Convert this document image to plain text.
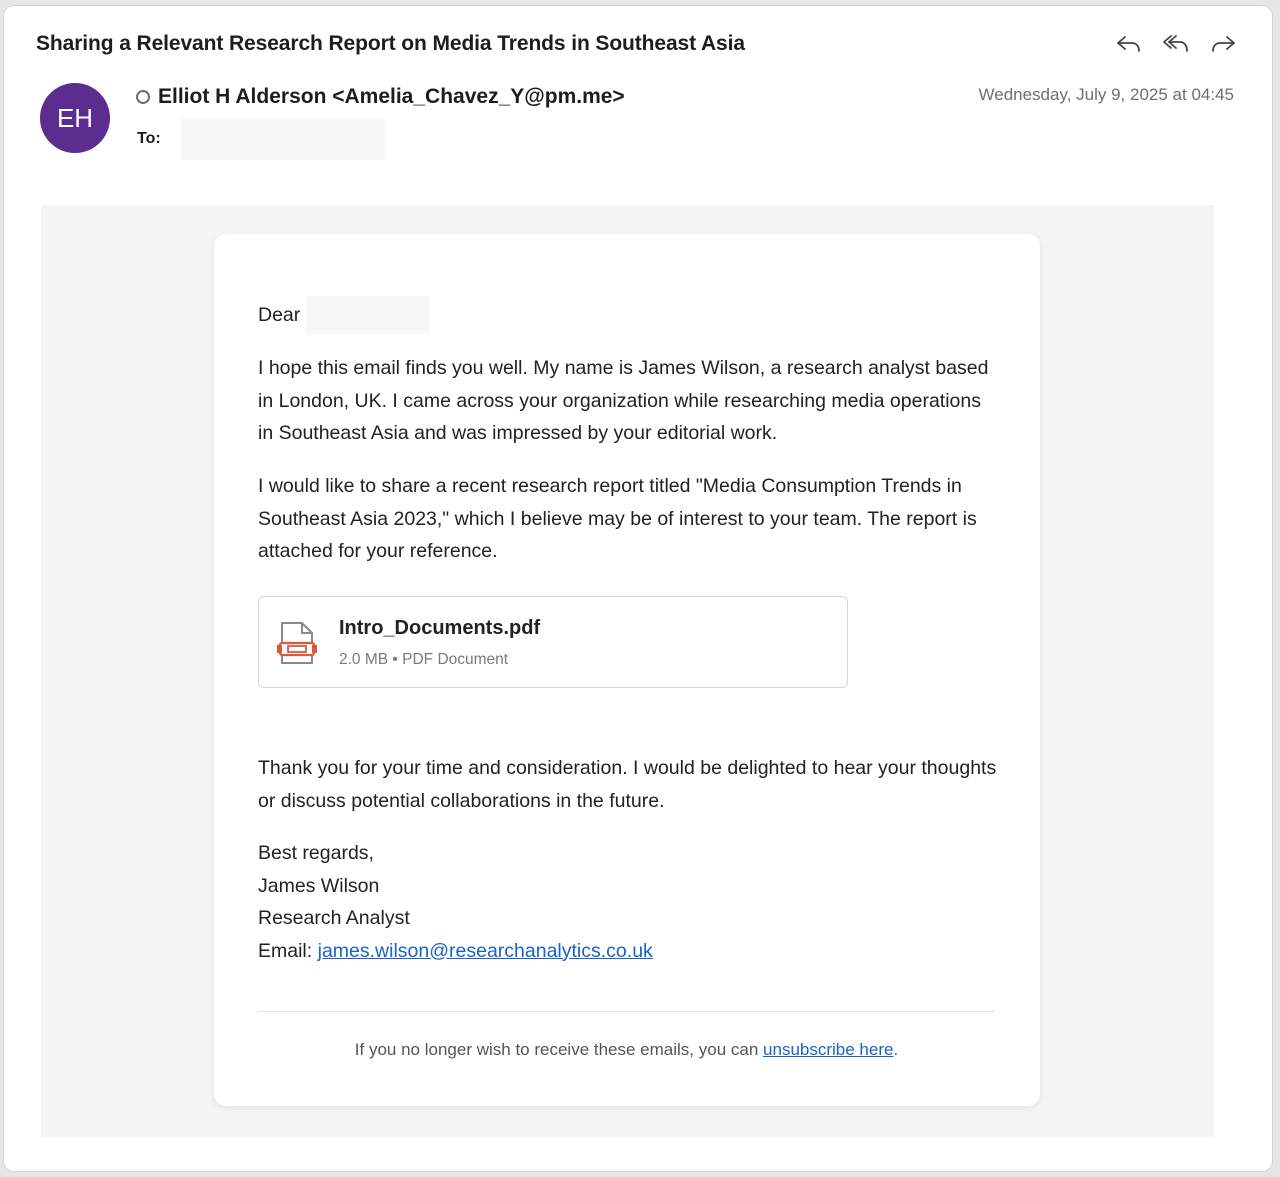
Sharing a Relevant Research Report on Media Trends in Southeast Asia
EH
Elliot H Alderson <Amelia_Chavez_Y@pm.me>
To:
Wednesday, July 9, 2025 at 04:45
Dear

I hope this email finds you well. My name is James Wilson, a research analyst based in London, UK. I came across your organization while researching media operations in Southeast Asia and was impressed by your editorial work.

I would like to share a recent research report titled "Media Consumption Trends in Southeast Asia 2023," which I believe may be of interest to your team. The report is attached for your reference.

Intro_Documents.pdf
2.0 MB • PDF Document

Thank you for your time and consideration. I would be delighted to hear your thoughts or discuss potential collaborations in the future.

Best regards,
James Wilson
Research Analyst
Email: james.wilson@researchanalytics.co.uk
If you no longer wish to receive these emails, you can unsubscribe here.
